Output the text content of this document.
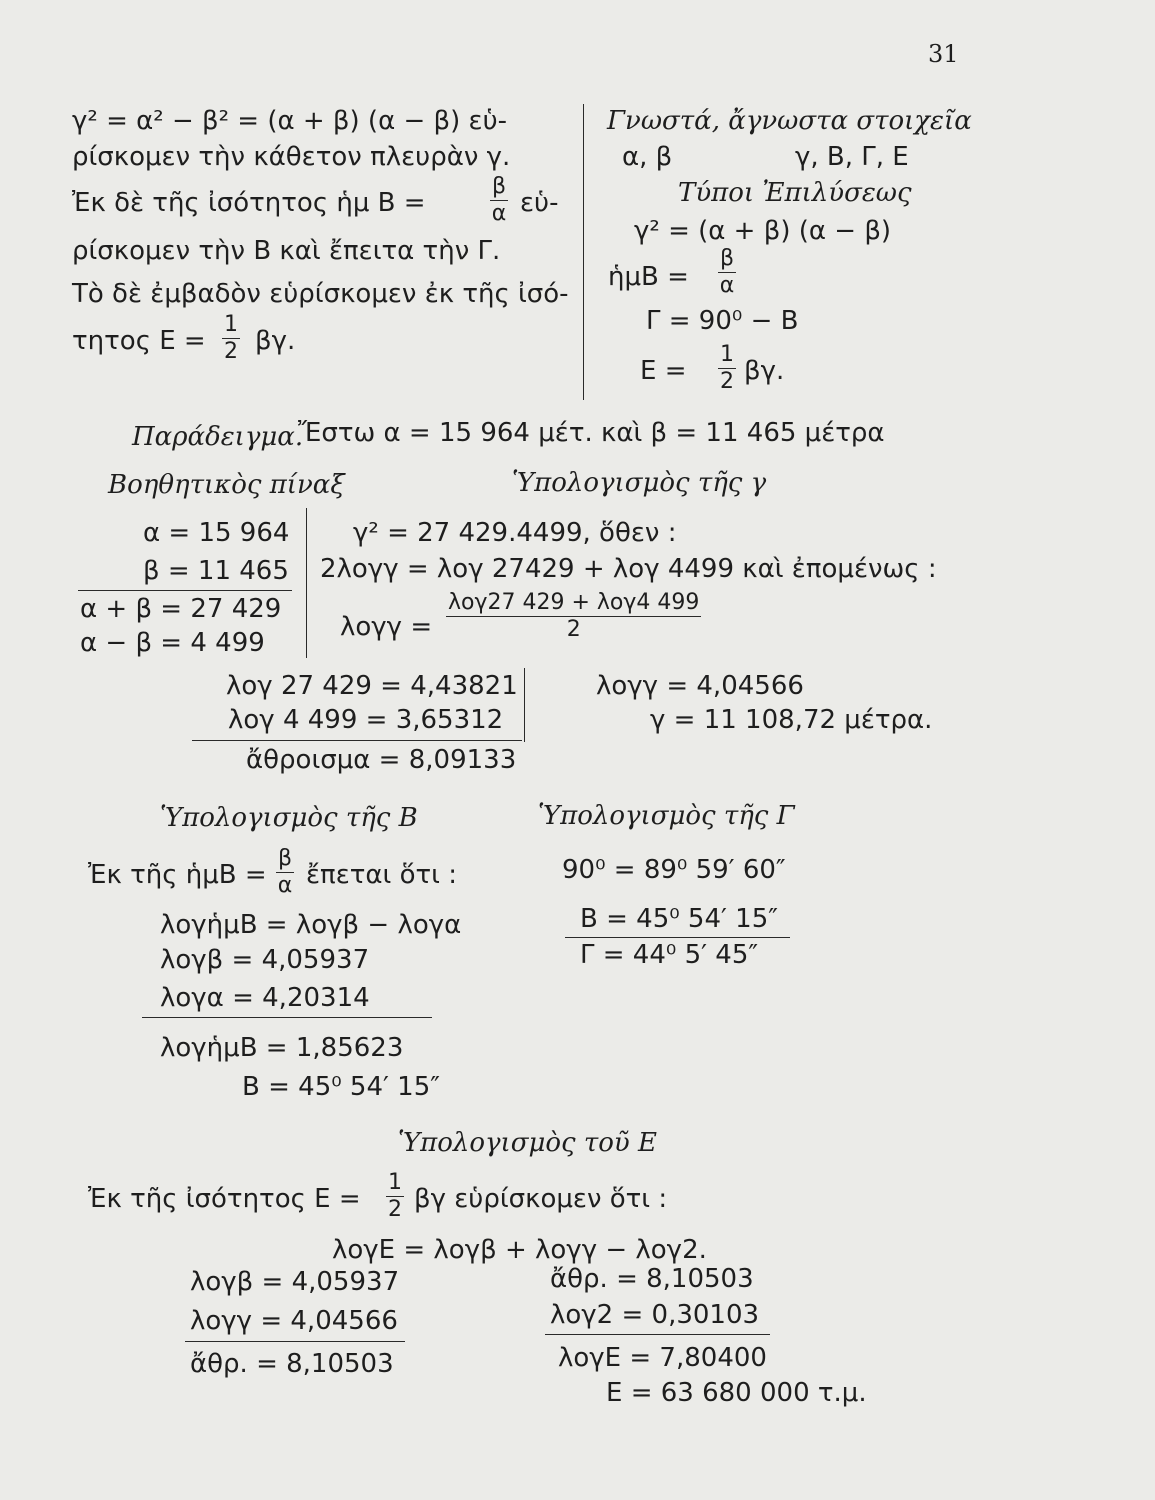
31
γ² = α² − β² = (α + β) (α − β) εὑ-
ρίσκομεν τὴν κάθετον πλευρὰν γ.
Ἐκ δὲ τῆς ἰσότητος ἡμ B =	$\frac{\beta}{\alpha}$ εὑ-
ρίσκομεν τὴν B καὶ ἔπειτα τὴν Γ.
Τὸ δὲ ἐμβαδὸν εὑρίσκομεν ἐκ τῆς ἰσό-
τητος $E = \frac{1}{2} \beta\gamma$.
Γνωστά, ἄγνωστα στοιχεῖα
α, β	γ, B, Γ, E
Τύποι Ἐπιλύσεως
γ² = (α + β) (α − β)
ἡμB = $\frac{\beta}{\alpha}$
Γ = 90⁰ − B
$E = \frac{1}{2} \beta\gamma$.
Παράδειγμα.
Ἔστω α = 15 964 μέτ. καὶ β = 11 465 μέτρα
Βοηθητικὸς πίναξ
α = 15 964
β = 11 465
α + β = 27 429
α − β = 4 499
Ὑπολογισμὸς τῆς γ
γ² = 27 429.4499, ὅθεν :
2λογγ = λογ 27429 + λογ 4499 καὶ ἐπομένως :
λογγ =
λογ27 429 + λογ4 499
2
λογ 27 429 = 4,43821
λογ 4 499 = 3,65312
ἄθροισμα = 8,09133
λογγ = 4,04566
γ = 11 108,72 μέτρα.
Ὑπολογισμὸς τῆς B
Ἐκ τῆς ἡμB = $\frac{\beta}{\alpha}$ ἔπεται ὅτι :
λογἡμB = λογβ − λογα
λογβ = 4,05937
λογα = 4,20314
λογἡμB = 1,85623
B = 45⁰ 54′ 15″
Ὑπολογισμὸς τῆς Γ
90⁰ = 89⁰ 59′ 60″
B = 45⁰ 54′ 15″
Γ = 44⁰ 5′ 45″
Ὑπολογισμὸς τοῦ E
Ἐκ τῆς ἰσότητος $E = \frac{1}{2}$ βγ εὑρίσκομεν ὅτι :
λογE = λογβ + λογγ − λογ2.
λογβ = 4,05937
λογγ = 4,04566
ἄθρ. = 8,10503
ἄθρ. = 8,10503
λογ2 = 0,30103
λογE = 7,80400
E = 63 680 000 τ.μ.
